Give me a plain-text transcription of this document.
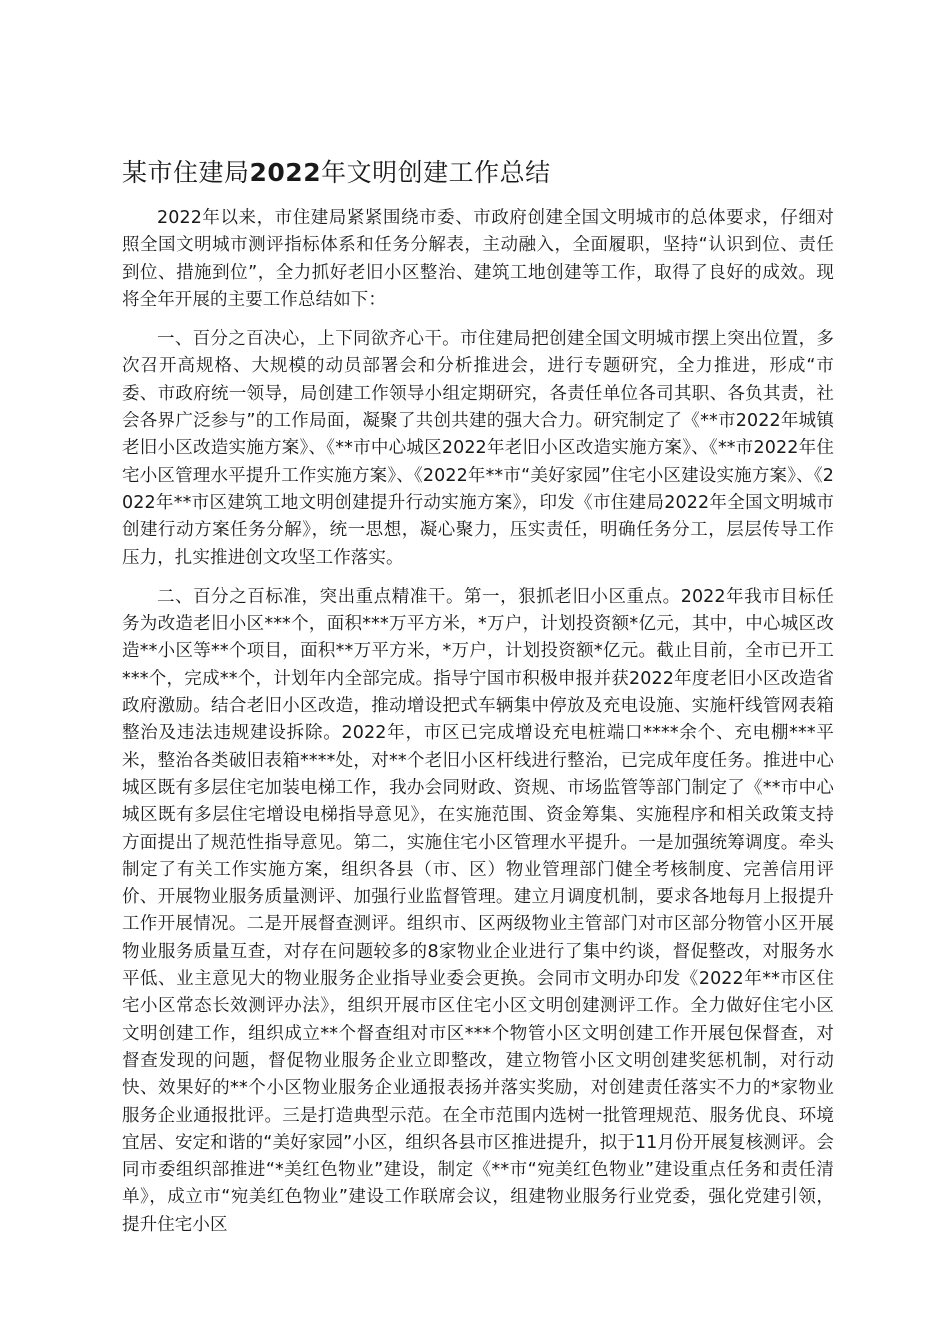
某市住建局2022年文明创建工作总结

2022年以来，市住建局紧紧围绕市委、市政府创建全国文明城市的总体要求，仔细对照全国文明城市测评指标体系和任务分解表，主动融入，全面履职，坚持“认识到位、责任到位、措施到位”，全力抓好老旧小区整治、建筑工地创建等工作，取得了良好的成效。现将全年开展的主要工作总结如下：

一、百分之百决心，上下同欲齐心干。市住建局把创建全国文明城市摆上突出位置，多次召开高规格、大规模的动员部署会和分析推进会，进行专题研究，全力推进，形成“市委、市政府统一领导，局创建工作领导小组定期研究，各责任单位各司其职、各负其责，社会各界广泛参与”的工作局面，凝聚了共创共建的强大合力。研究制定了《**市2022年城镇老旧小区改造实施方案》、《**市中心城区2022年老旧小区改造实施方案》、《**市2022年住宅小区管理水平提升工作实施方案》、《2022年**市“美好家园”住宅小区建设实施方案》、《2022年**市区建筑工地文明创建提升行动实施方案》，印发《市住建局2022年全国文明城市创建行动方案任务分解》，统一思想，凝心聚力，压实责任，明确任务分工，层层传导工作压力，扎实推进创文攻坚工作落实。

二、百分之百标准，突出重点精准干。第一，狠抓老旧小区重点。2022年我市目标任务为改造老旧小区***个，面积***万平方米，*万户，计划投资额*亿元，其中，中心城区改造**小区等**个项目，面积**万平方米，*万户，计划投资额*亿元。截止目前，全市已开工***个，完成**个，计划年内全部完成。指导宁国市积极申报并获2022年度老旧小区改造省政府激励。结合老旧小区改造，推动增设把式车辆集中停放及充电设施、实施杆线管网表箱整治及违法违规建设拆除。2022年，市区已完成增设充电桩端口****余个、充电棚***平米，整治各类破旧表箱****处，对**个老旧小区杆线进行整治，已完成年度任务。推进中心城区既有多层住宅加装电梯工作，我办会同财政、资规、市场监管等部门制定了《**市中心城区既有多层住宅增设电梯指导意见》，在实施范围、资金筹集、实施程序和相关政策支持方面提出了规范性指导意见。第二，实施住宅小区管理水平提升。一是加强统筹调度。牵头制定了有关工作实施方案，组织各县（市、区）物业管理部门健全考核制度、完善信用评价、开展物业服务质量测评、加强行业监督管理。建立月调度机制，要求各地每月上报提升工作开展情况。二是开展督查测评。组织市、区两级物业主管部门对市区部分物管小区开展物业服务质量互查，对存在问题较多的8家物业企业进行了集中约谈，督促整改，对服务水平低、业主意见大的物业服务企业指导业委会更换。会同市文明办印发《2022年**市区住宅小区常态长效测评办法》，组织开展市区住宅小区文明创建测评工作。全力做好住宅小区文明创建工作，组织成立**个督查组对市区***个物管小区文明创建工作开展包保督查，对督查发现的问题，督促物业服务企业立即整改，建立物管小区文明创建奖惩机制，对行动快、效果好的**个小区物业服务企业通报表扬并落实奖励，对创建责任落实不力的*家物业服务企业通报批评。三是打造典型示范。在全市范围内选树一批管理规范、服务优良、环境宜居、安定和谐的“美好家园”小区，组织各县市区推进提升，拟于11月份开展复核测评。会同市委组织部推进“*美红色物业”建设，制定《**市“宛美红色物业”建设重点任务和责任清单》，成立市“宛美红色物业”建设工作联席会议，组建物业服务行业党委，强化党建引领，提升住宅小区
